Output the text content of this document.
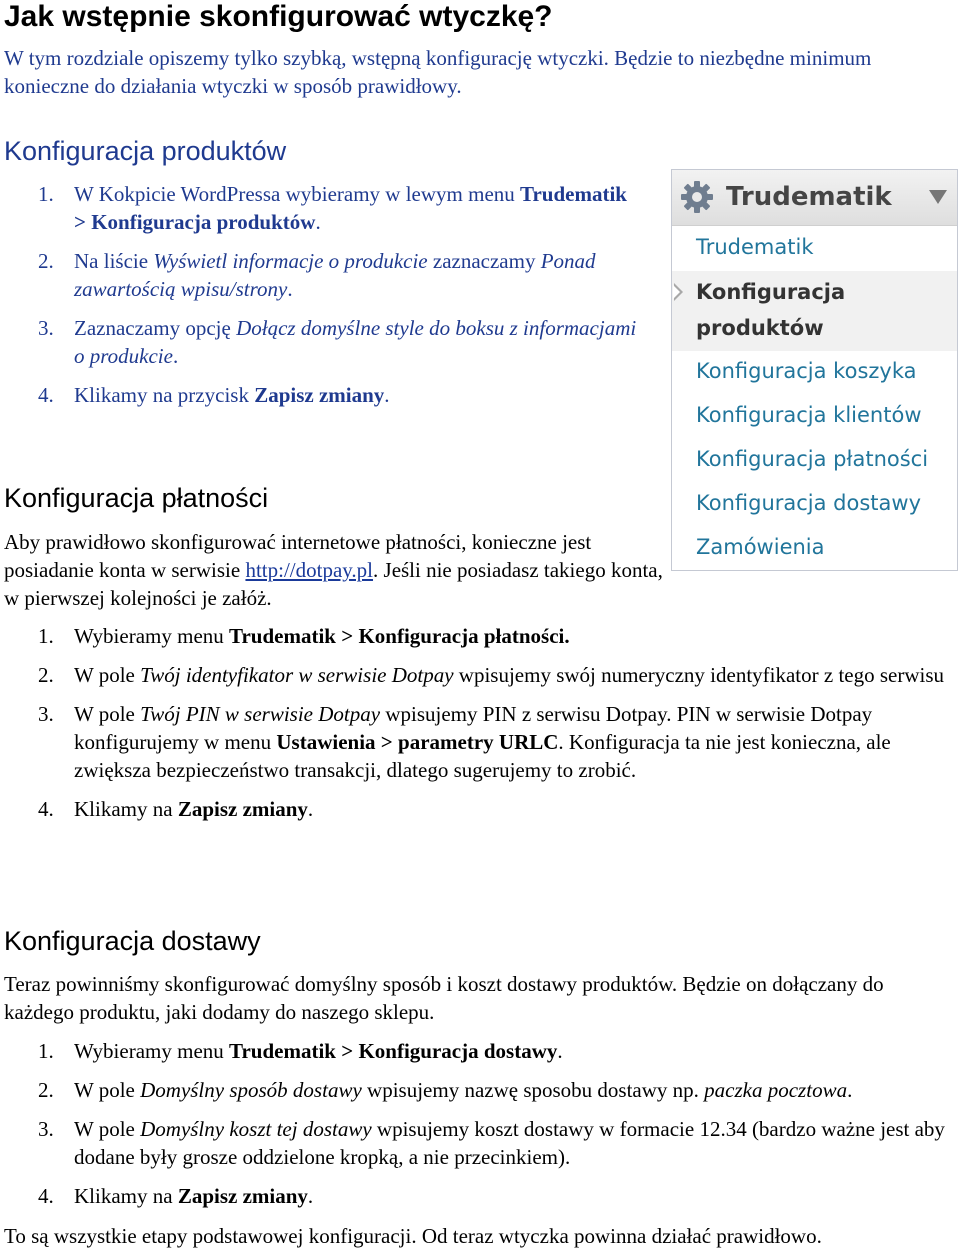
Jak wstępnie skonfigurować wtyczkę?
W tym rozdziale opiszemy tylko szybką, wstępną konfigurację wtyczki. Będzie to niezbędne minimum konieczne do działania wtyczki w sposób prawidłowy.
Konfiguracja produktów
1. W Kokpicie WordPressa wybieramy w lewym menu Trudematik > Konfiguracja produktów.
2. Na liście Wyświetl informacje o produkcie zaznaczamy Ponad zawartością wpisu/strony.
3. Zaznaczamy opcję Dołącz domyślne style do boksu z informacjami o produkcie.
4. Klikamy na przycisk Zapisz zmiany.
Konfiguracja płatności
Aby prawidłowo skonfigurować internetowe płatności, konieczne jest posiadanie konta w serwisie http://dotpay.pl. Jeśli nie posiadasz takiego konta, w pierwszej kolejności je załóż.
1. Wybieramy menu Trudematik > Konfiguracja płatności.
2. W pole Twój identyfikator w serwisie Dotpay wpisujemy swój numeryczny identyfikator z tego serwisu
3. W pole Twój PIN w serwisie Dotpay wpisujemy PIN z serwisu Dotpay. PIN w serwisie Dotpay konfigurujemy w menu Ustawienia > parametry URLC. Konfiguracja ta nie jest konieczna, ale zwiększa bezpieczeństwo transakcji, dlatego sugerujemy to zrobić.
4. Klikamy na Zapisz zmiany.
Konfiguracja dostawy
Teraz powinniśmy skonfigurować domyślny sposób i koszt dostawy produktów. Będzie on dołączany do każdego produktu, jaki dodamy do naszego sklepu.
1. Wybieramy menu Trudematik > Konfiguracja dostawy.
2. W pole Domyślny sposób dostawy wpisujemy nazwę sposobu dostawy np. paczka pocztowa.
3. W pole Domyślny koszt tej dostawy wpisujemy koszt dostawy w formacie 12.34 (bardzo ważne jest aby dodane były grosze oddzielone kropką, a nie przecinkiem).
4. Klikamy na Zapisz zmiany.
To są wszystkie etapy podstawowej konfiguracji. Od teraz wtyczka powinna działać prawidłowo.
Trudematik
Trudematik
Konfiguracja
produktów
Konfiguracja koszyka
Konfiguracja klientów
Konfiguracja płatności
Konfiguracja dostawy
Zamówienia
